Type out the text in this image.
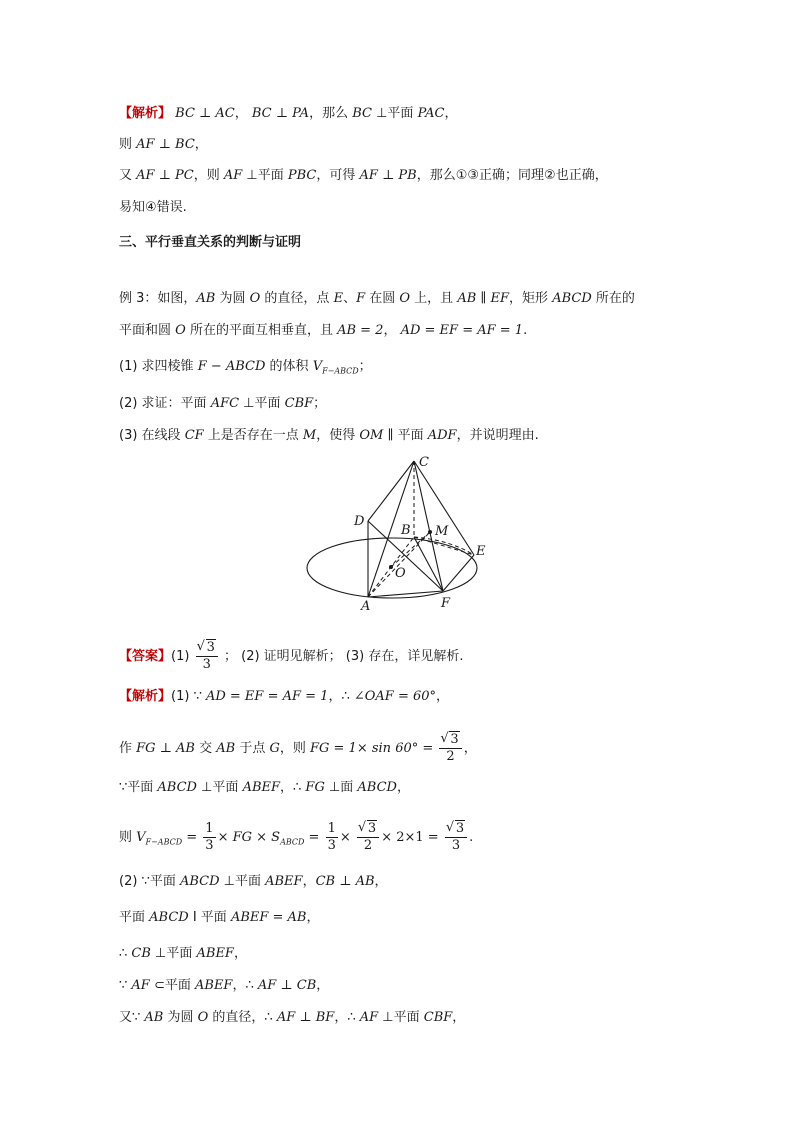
【解析】 BC ⊥ AC， BC ⊥ PA，那么 BC ⊥平面 PAC，
则 AF ⊥ BC，
又 AF ⊥ PC，则 AF ⊥平面 PBC，可得 AF ⊥ PB，那么①③正确；同理②也正确，
易知④错误.
三、平行垂直关系的判断与证明
例 3：如图，AB 为圆 O 的直径，点 E、F 在圆 O 上，且 AB ∥ EF，矩形 ABCD 所在的
平面和圆 O 所在的平面互相垂直，且 AB = 2， AD = EF = AF = 1.
(1) 求四棱锥 F − ABCD 的体积 $V_{F-ABCD}$；
(2) 求证：平面 AFC ⊥平面 CBF；
(3) 在线段 CF 上是否存在一点 M，使得 OM ∥ 平面 ADF，并说明理由.
C
D
B M
E
O
A	F
【答案】(1) √ $\frac{3}{3}$ ； (2) 证明见解析； (3) 存在，详见解析.
【解析】(1) ∵ AD = EF = AF = 1，∴ ∠OAF = 60°，
作 FG ⊥ AB 交 AB 于点 G，则 FG = 1× sin 60° = √ $\frac{3}{2}$ ，
∵平面 ABCD ⊥平面 ABEF，∴ FG ⊥面 ABCD，
则 $V_{F-ABCD} = \frac{1}{3}$ × FG × $S_{ABCD} = \frac{1}{3}$ × √ $\frac{3}{2} \times 2\times 1$ = √ $\frac{3}{3}$ .
(2) ∵平面 ABCD ⊥平面 ABEF，CB ⊥ AB，
平面 ABCD I 平面 ABEF = AB，
∴ CB ⊥平面 ABEF，
∵ AF ⊂平面 ABEF，∴ AF ⊥ CB，
又∵ AB 为圆 O 的直径，∴ AF ⊥ BF，∴ AF ⊥平面 CBF，
